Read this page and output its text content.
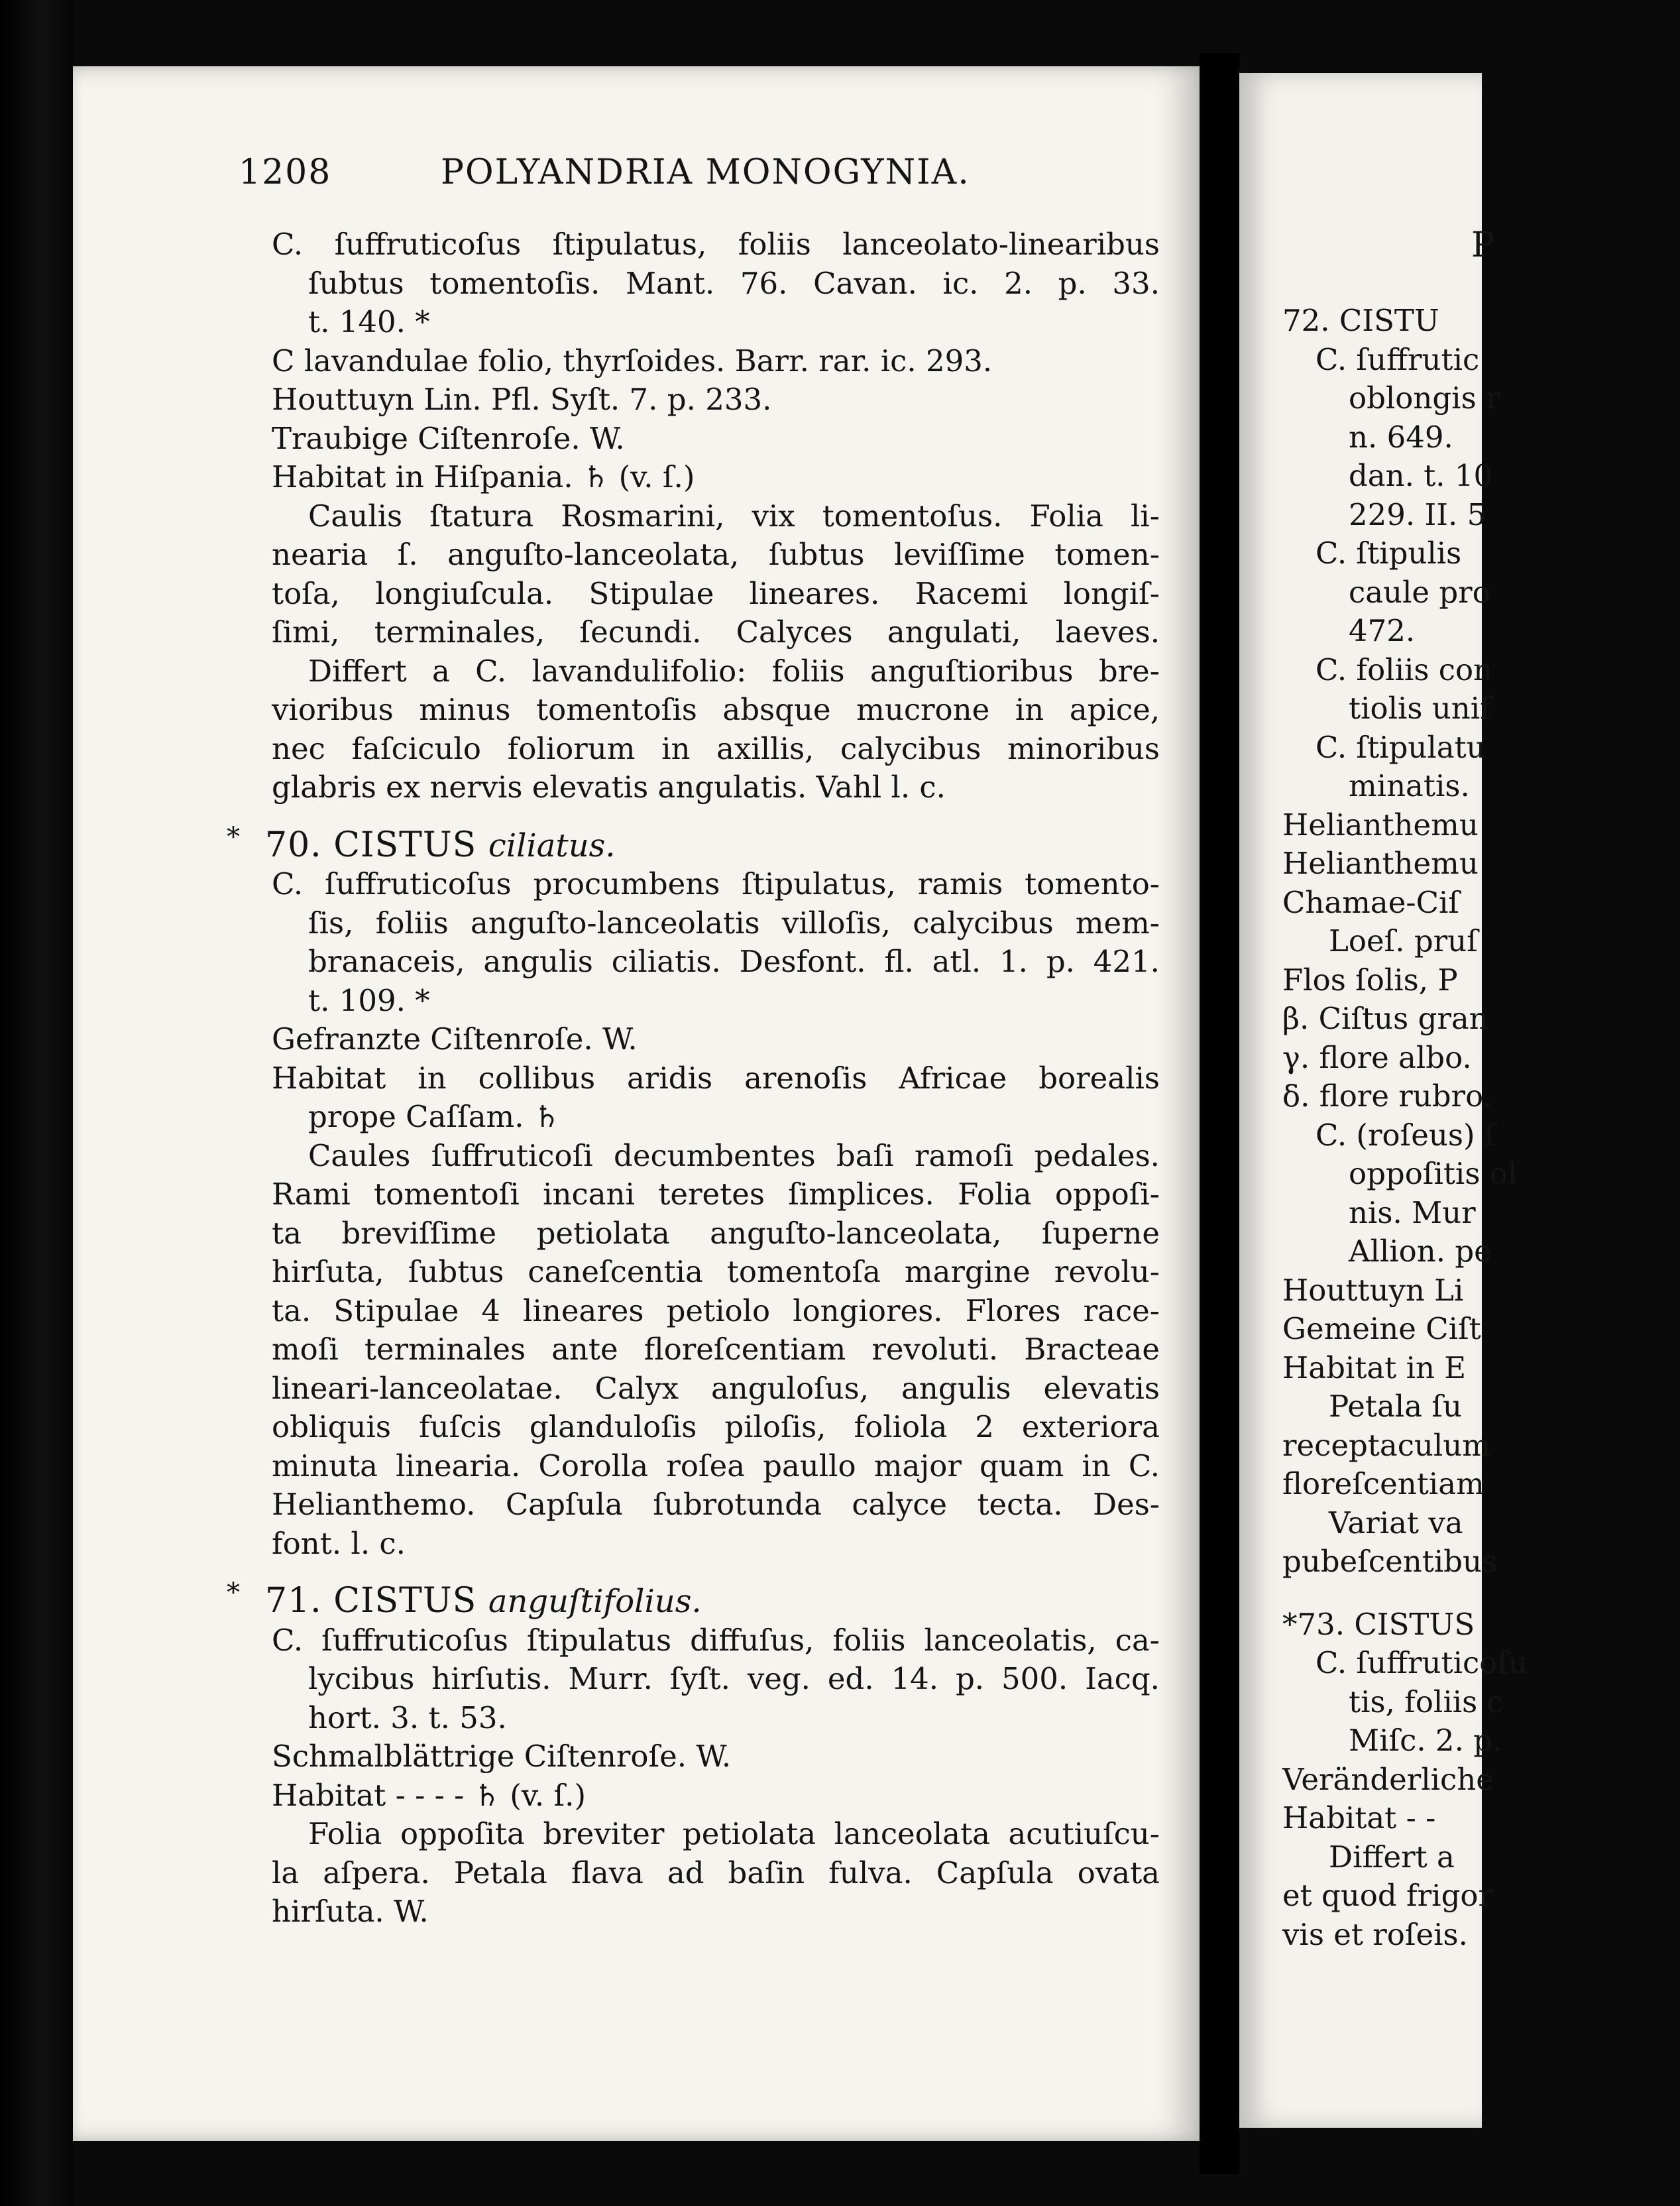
1208	POLYANDRIA MONOGYNIA.
C. ſuffruticoſus ſtipulatus, foliis lanceolato-linearibus
ſubtus tomentoſis. Mant. 76. Cavan. ic. 2. p. 33.
t. 140. *
C lavandulae folio, thyrſoides. Barr. rar. ic. 293.
Houttuyn Lin. Pfl. Syſt. 7. p. 233.
Traubige Ciſtenroſe. W.
Habitat in Hiſpania. ♄ (v. ſ.)
Caulis ſtatura Rosmarini, vix tomentoſus. Folia li-
nearia ſ. anguſto-lanceolata, ſubtus leviſſime tomen-
toſa, longiuſcula. Stipulae lineares. Racemi longiſ-
ſimi, terminales, ſecundi. Calyces angulati, laeves.
Differt a C. lavandulifolio: foliis anguſtioribus bre-
vioribus minus tomentoſis absque mucrone in apice,
nec faſciculo foliorum in axillis, calycibus minoribus
glabris ex nervis elevatis angulatis. Vahl l. c.
* 70. CISTUS ciliatus.
C. ſuffruticoſus procumbens ſtipulatus, ramis tomento-
ſis, foliis anguſto-lanceolatis villoſis, calycibus mem-
branaceis, angulis ciliatis. Desfont. fl. atl. 1. p. 421.
t. 109. *
Gefranzte Ciſtenroſe. W.
Habitat in collibus aridis arenoſis Africae borealis
prope Caſſam. ♄
Caules ſuffruticoſi decumbentes baſi ramoſi pedales.
Rami tomentoſi incani teretes ſimplices. Folia oppoſi-
ta breviſſime petiolata anguſto-lanceolata, ſuperne
hirſuta, ſubtus caneſcentia tomentoſa margine revolu-
ta. Stipulae 4 lineares petiolo longiores. Flores race-
moſi terminales ante floreſcentiam revoluti. Bracteae
lineari-lanceolatae. Calyx anguloſus, angulis elevatis
obliquis fuſcis glanduloſis piloſis, foliola 2 exteriora
minuta linearia. Corolla roſea paullo major quam in C.
Helianthemo. Capſula ſubrotunda calyce tecta. Des-
font. l. c.
* 71. CISTUS anguſtifolius.
C. ſuffruticoſus ſtipulatus diffuſus, foliis lanceolatis, ca-
lycibus hirſutis. Murr. ſyſt. veg. ed. 14. p. 500. Iacq.
hort. 3. t. 53.
Schmalblättrige Ciſtenroſe. W.
Habitat - - - - ♄ (v. ſ.)
Folia oppoſita breviter petiolata lanceolata acutiuſcu-
la aſpera. Petala flava ad baſin fulva. Capſula ovata
hirſuta. W.
P
72. CISTU
C. ſuffrutic
oblongis r
n. 649.
dan. t. 10
229. II. 5
C. ſtipulis
caule pro
472.
C. foliis con
tiolis unif
C. ſtipulatu
minatis.
Helianthemu
Helianthemu
Chamae-Ciſ
Loeſ. pruſ
Flos ſolis, P
β. Ciſtus gran
γ. flore albo.
δ. flore rubro.
C. (roſeus) ſ
oppoſitis ol
nis. Mur
Allion. pe
Houttuyn Li
Gemeine Ciſt
Habitat in E
Petala ſu
receptaculum
floreſcentiam
Variat va
pubeſcentibus
*73. CISTUS
C. ſuffruticoſu
tis, foliis c
Miſc. 2. p.
Veränderliche
Habitat - -
Differt a
et quod frigor
vis et roſeis.
